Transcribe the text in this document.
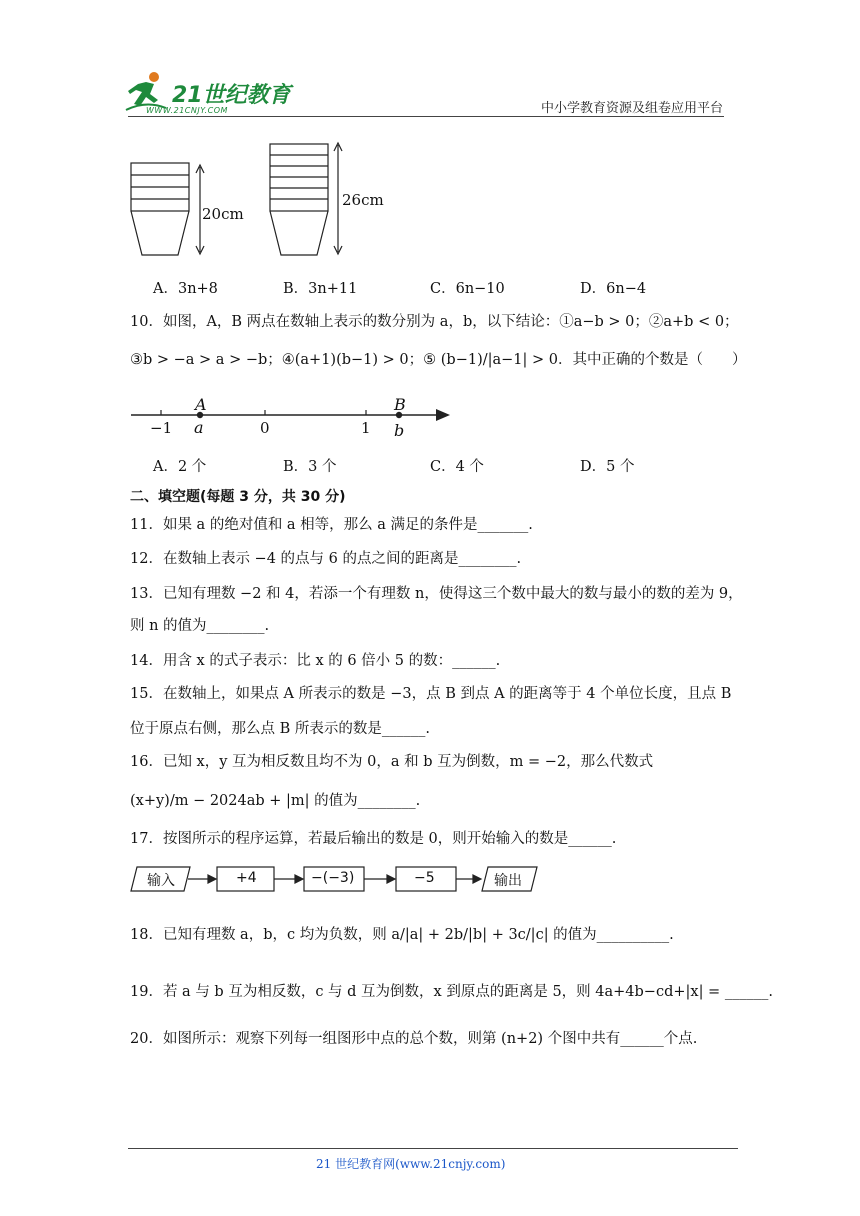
21世纪教育
WWW.21CNJY.COM	中小学教育资源及组卷应用平台
20cm
26cm
A．3n+8	B．3n+11	C．6n−10	D．6n−4
10．如图，A，B 两点在数轴上表示的数分别为 a，b，以下结论：①a−b > 0；②a+b < 0；
③b > −a > a > −b；④(a+1)(b−1) > 0；⑤ (b−1)/|a−1| > 0．其中正确的个数是（　　）
A
a
B
b
−1	0	1
A．2 个	B．3 个	C．4 个	D．5 个
二、填空题(每题 3 分，共 30 分)
11．如果 a 的绝对值和 a 相等，那么 a 满足的条件是_______.
12．在数轴上表示 −4 的点与 6 的点之间的距离是________.
13．已知有理数 −2 和 4，若添一个有理数 n，使得这三个数中最大的数与最小的数的差为 9，
则 n 的值为________.
14．用含 x 的式子表示：比 x 的 6 倍小 5 的数：______.
15．在数轴上，如果点 A 所表示的数是 −3，点 B 到点 A 的距离等于 4 个单位长度，且点 B
位于原点右侧，那么点 B 所表示的数是______.
16．已知 x，y 互为相反数且均不为 0，a 和 b 互为倒数，m = −2，那么代数式
(x+y)/m − 2024ab + |m| 的值为________.
17．按图所示的程序运算，若最后输出的数是 0，则开始输入的数是______.
输入	+4	−(−3)	−5	输出
18．已知有理数 a，b，c 均为负数，则 a/|a| + 2b/|b| + 3c/|c| 的值为__________.
19．若 a 与 b 互为相反数，c 与 d 互为倒数，x 到原点的距离是 5，则 4a+4b−cd+|x| = ______.
20．如图所示：观察下列每一组图形中点的总个数，则第 (n+2) 个图中共有______个点.
21 世纪教育网(www.21cnjy.com)
